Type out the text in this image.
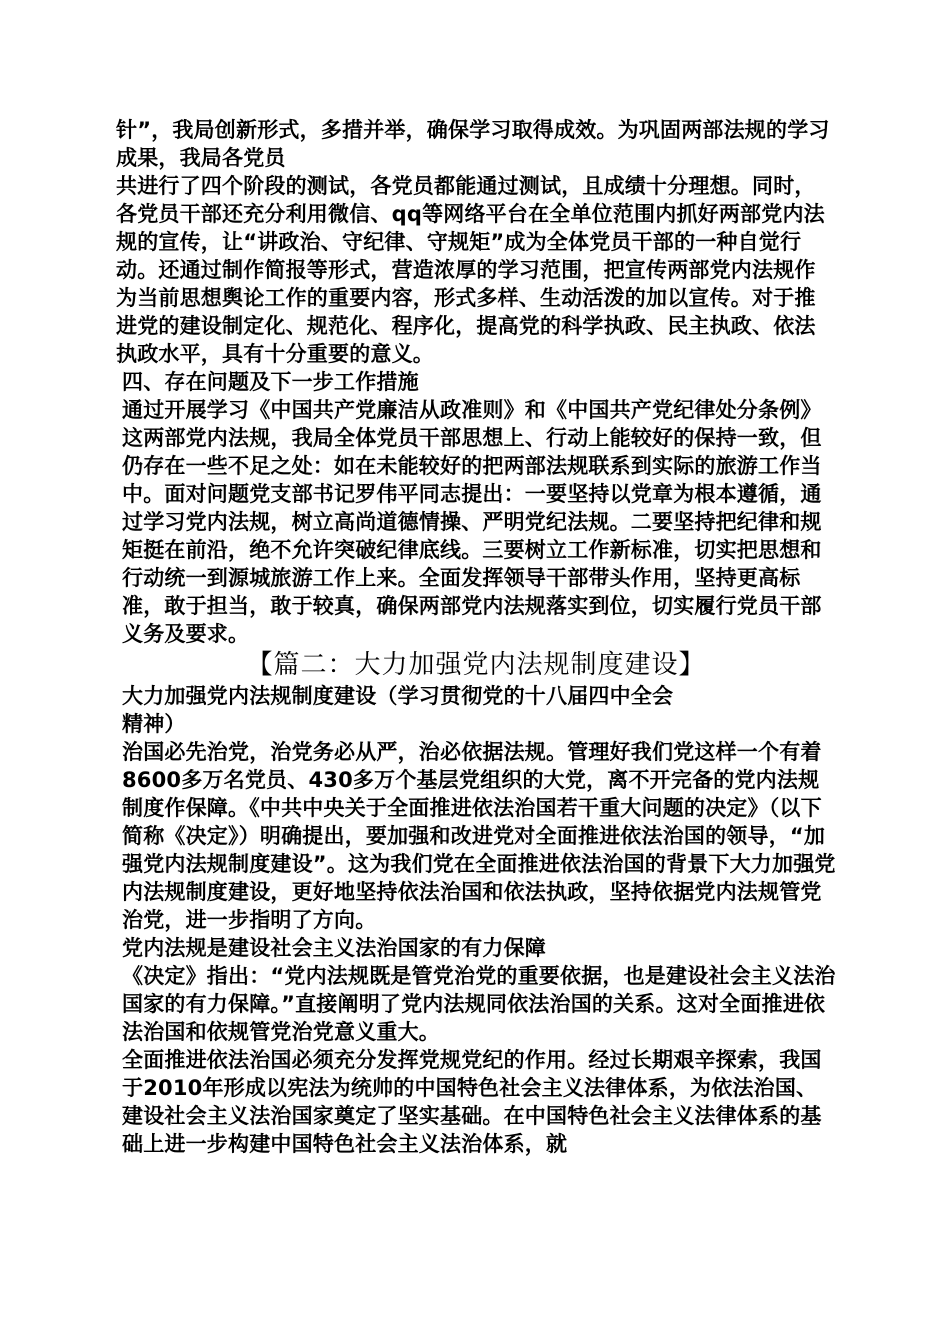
针”，我局创新形式，多措并举，确保学习取得成效。为巩固两部法规的学习成果，我局各党员

共进行了四个阶段的测试，各党员都能通过测试，且成绩十分理想。同时，各党员干部还充分利用微信、qq等网络平台在全单位范围内抓好两部党内法规的宣传，让“讲政治、守纪律、守规矩”成为全体党员干部的一种自觉行动。还通过制作简报等形式，营造浓厚的学习范围，把宣传两部党内法规作为当前思想舆论工作的重要内容，形式多样、生动活泼的加以宣传。对于推进党的建设制定化、规范化、程序化，提高党的科学执政、民主执政、依法执政水平，具有十分重要的意义。

四、存在问题及下一步工作措施

通过开展学习《中国共产党廉洁从政准则》和《中国共产党纪律处分条例》这两部党内法规，我局全体党员干部思想上、行动上能较好的保持一致，但仍存在一些不足之处：如在未能较好的把两部法规联系到实际的旅游工作当中。面对问题党支部书记罗伟平同志提出：一要坚持以党章为根本遵循，通过学习党内法规，树立高尚道德情操、严明党纪法规。二要坚持把纪律和规矩挺在前沿，绝不允许突破纪律底线。三要树立工作新标准，切实把思想和行动统一到源城旅游工作上来。全面发挥领导干部带头作用，坚持更高标准，敢于担当，敢于较真，确保两部党内法规落实到位，切实履行党员干部义务及要求。

【篇二：大力加强党内法规制度建设】

大力加强党内法规制度建设（学习贯彻党的十八届四中全会精神）

治国必先治党，治党务必从严，治必依据法规。管理好我们党这样一个有着8600多万名党员、430多万个基层党组织的大党，离不开完备的党内法规制度作保障。《中共中央关于全面推进依法治国若干重大问题的决定》（以下简称《决定》）明确提出，要加强和改进党对全面推进依法治国的领导，“加强党内法规制度建设”。这为我们党在全面推进依法治国的背景下大力加强党内法规制度建设，更好地坚持依法治国和依法执政，坚持依据党内法规管党治党，进一步指明了方向。

党内法规是建设社会主义法治国家的有力保障

《决定》指出：“党内法规既是管党治党的重要依据，也是建设社会主义法治国家的有力保障。”直接阐明了党内法规同依法治国的关系。这对全面推进依法治国和依规管党治党意义重大。

全面推进依法治国必须充分发挥党规党纪的作用。经过长期艰辛探索，我国于2010年形成以宪法为统帅的中国特色社会主义法律体系，为依法治国、建设社会主义法治国家奠定了坚实基础。在中国特色社会主义法律体系的基础上进一步构建中国特色社会主义法治体系，就
